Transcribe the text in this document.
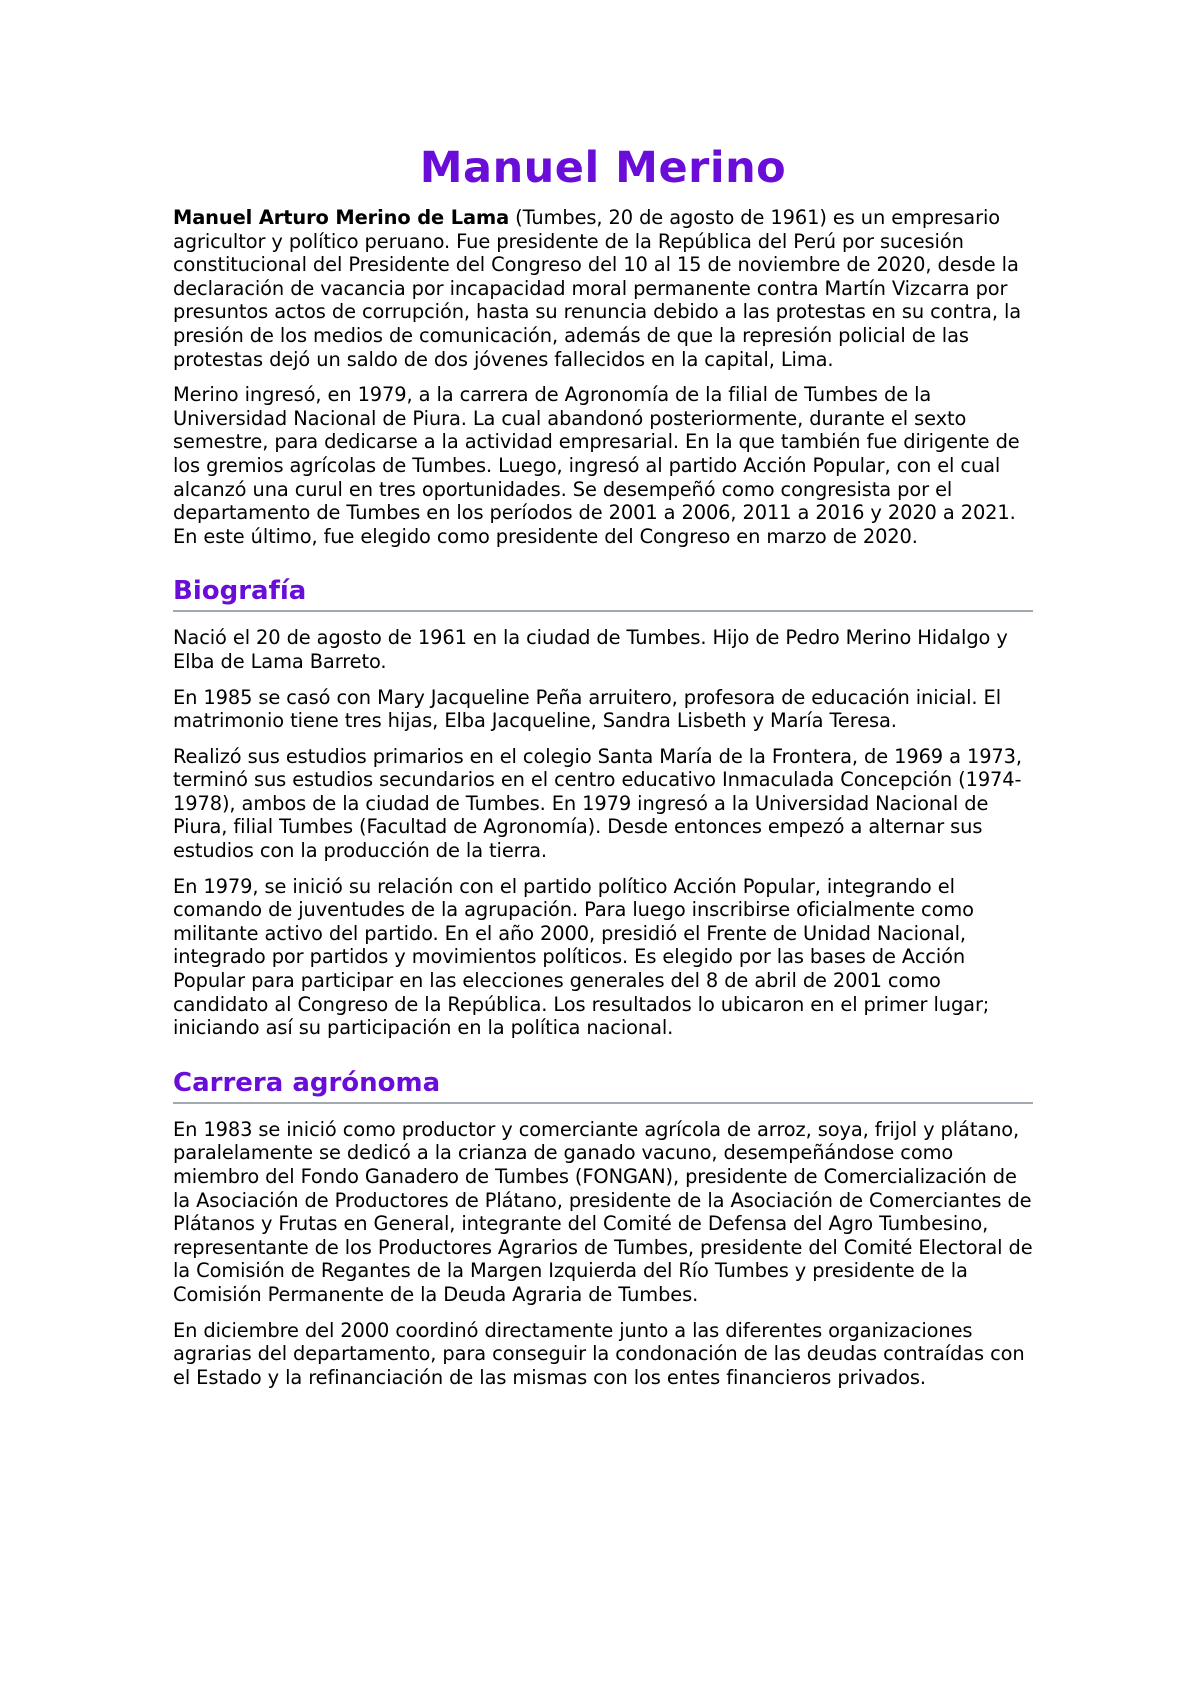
Manuel Merino

Manuel Arturo Merino de Lama (Tumbes, 20 de agosto de 1961) es un empresario agricultor y político peruano. Fue presidente de la República del Perú por sucesión constitucional del Presidente del Congreso del 10 al 15 de noviembre de 2020, desde la declaración de vacancia por incapacidad moral permanente contra Martín Vizcarra por presuntos actos de corrupción, hasta su renuncia debido a las protestas en su contra, la presión de los medios de comunicación, además de que la represión policial de las protestas dejó un saldo de dos jóvenes fallecidos en la capital, Lima.

Merino ingresó, en 1979, a la carrera de Agronomía de la filial de Tumbes de la Universidad Nacional de Piura. La cual abandonó posteriormente, durante el sexto semestre, para dedicarse a la actividad empresarial. En la que también fue dirigente de los gremios agrícolas de Tumbes. Luego, ingresó al partido Acción Popular, con el cual alcanzó una curul en tres oportunidades. Se desempeñó como congresista por el departamento de Tumbes en los períodos de 2001 a 2006, 2011 a 2016 y 2020 a 2021. En este último, fue elegido como presidente del Congreso en marzo de 2020.

Biografía

Nació el 20 de agosto de 1961 en la ciudad de Tumbes. Hijo de Pedro Merino Hidalgo y Elba de Lama Barreto.

En 1985 se casó con Mary Jacqueline Peña arruitero, profesora de educación inicial. El matrimonio tiene tres hijas, Elba Jacqueline, Sandra Lisbeth y María Teresa.

Realizó sus estudios primarios en el colegio Santa María de la Frontera, de 1969 a 1973, terminó sus estudios secundarios en el centro educativo Inmaculada Concepción (1974-1978), ambos de la ciudad de Tumbes. En 1979 ingresó a la Universidad Nacional de Piura, filial Tumbes (Facultad de Agronomía). Desde entonces empezó a alternar sus estudios con la producción de la tierra.

En 1979, se inició su relación con el partido político Acción Popular, integrando el comando de juventudes de la agrupación. Para luego inscribirse oficialmente como militante activo del partido. En el año 2000, presidió el Frente de Unidad Nacional, integrado por partidos y movimientos políticos. Es elegido por las bases de Acción Popular para participar en las elecciones generales del 8 de abril de 2001 como candidato al Congreso de la República. Los resultados lo ubicaron en el primer lugar; iniciando así su participación en la política nacional.

Carrera agrónoma

En 1983 se inició como productor y comerciante agrícola de arroz, soya, frijol y plátano, paralelamente se dedicó a la crianza de ganado vacuno, desempeñándose como miembro del Fondo Ganadero de Tumbes (FONGAN), presidente de Comercialización de la Asociación de Productores de Plátano, presidente de la Asociación de Comerciantes de Plátanos y Frutas en General, integrante del Comité de Defensa del Agro Tumbesino, representante de los Productores Agrarios de Tumbes, presidente del Comité Electoral de la Comisión de Regantes de la Margen Izquierda del Río Tumbes y presidente de la Comisión Permanente de la Deuda Agraria de Tumbes.

En diciembre del 2000 coordinó directamente junto a las diferentes organizaciones agrarias del departamento, para conseguir la condonación de las deudas contraídas con el Estado y la refinanciación de las mismas con los entes financieros privados.
